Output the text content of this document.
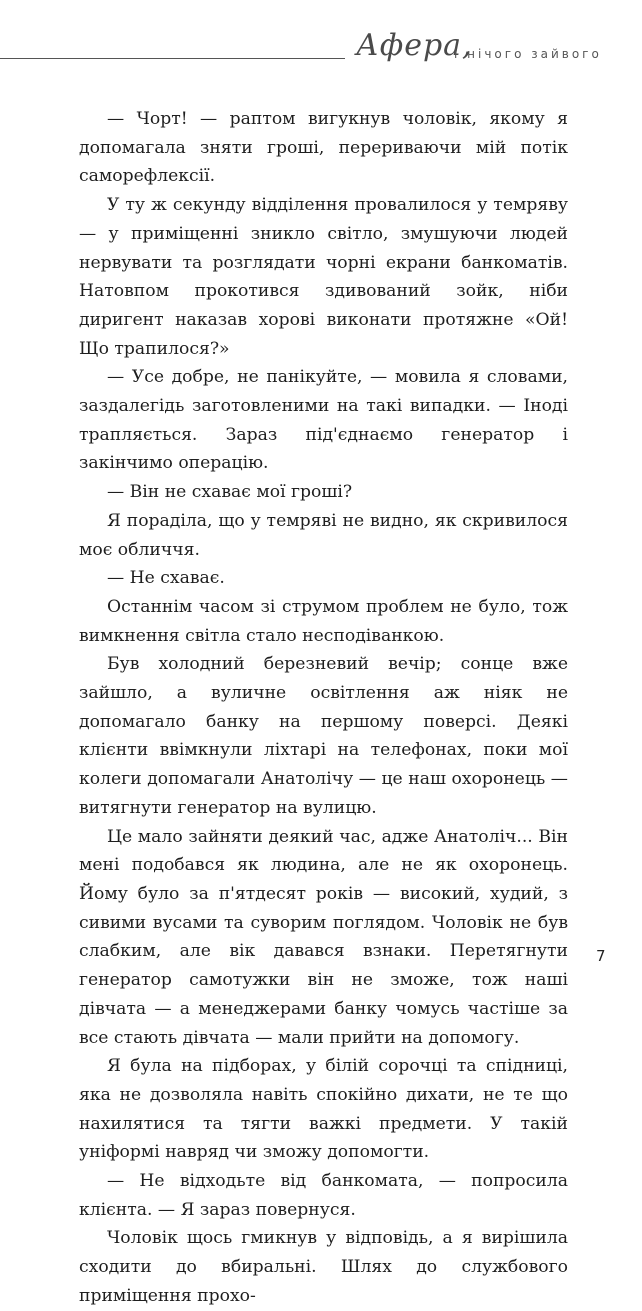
Афера,
і нічого зайвого

— Чорт! — раптом вигукнув чоловік, якому я допомагала зняти гроші, перериваючи мій потік саморефлексії.

У ту ж секунду відділення провалилося у темряву — у приміщенні зникло світло, змушуючи людей нервувати та розглядати чорні екрани банкоматів. Натовпом прокотився здивований зойк, ніби диригент наказав хорові виконати протяжне «Ой! Що трапилося?»

— Усе добре, не панікуйте, — мовила я словами, заздалегідь заготовленими на такі випадки. — Іноді трапляється. Зараз під'єднаємо генератор і закінчимо операцію.

— Він не схаває мої гроші?

Я пораділа, що у темряві не видно, як скривилося моє обличчя.

— Не схаває.

Останнім часом зі струмом проблем не було, тож вимкнення світла стало несподіванкою.

Був холодний березневий вечір; сонце вже зайшло, а вуличне освітлення аж ніяк не допомагало банку на першому поверсі. Деякі клієнти ввімкнули ліхтарі на телефонах, поки мої колеги допомагали Анатолічу — це наш охоронець — витягнути генератор на вулицю.

Це мало зайняти деякий час, адже Анатоліч... Він мені подобався як людина, але не як охоронець. Йому було за п'ятдесят років — високий, худий, з сивими вусами та суворим поглядом. Чоловік не був слабким, але вік давався взнаки. Перетягнути генератор самотужки він не зможе, тож наші дівчата — а менеджерами банку чомусь частіше за все стають дівчата — мали прийти на допомогу.

Я була на підборах, у білій сорочці та спідниці, яка не дозволяла навіть спокійно дихати, не те що нахилятися та тягти важкі предмети. У такій уніформі навряд чи зможу допомогти.

— Не відходьте від банкомата, — попросила клієнта. — Я зараз повернуся.

Чоловік щось гмикнув у відповідь, а я вирішила сходити до вбиральні. Шлях до службового приміщення прохо-

7
